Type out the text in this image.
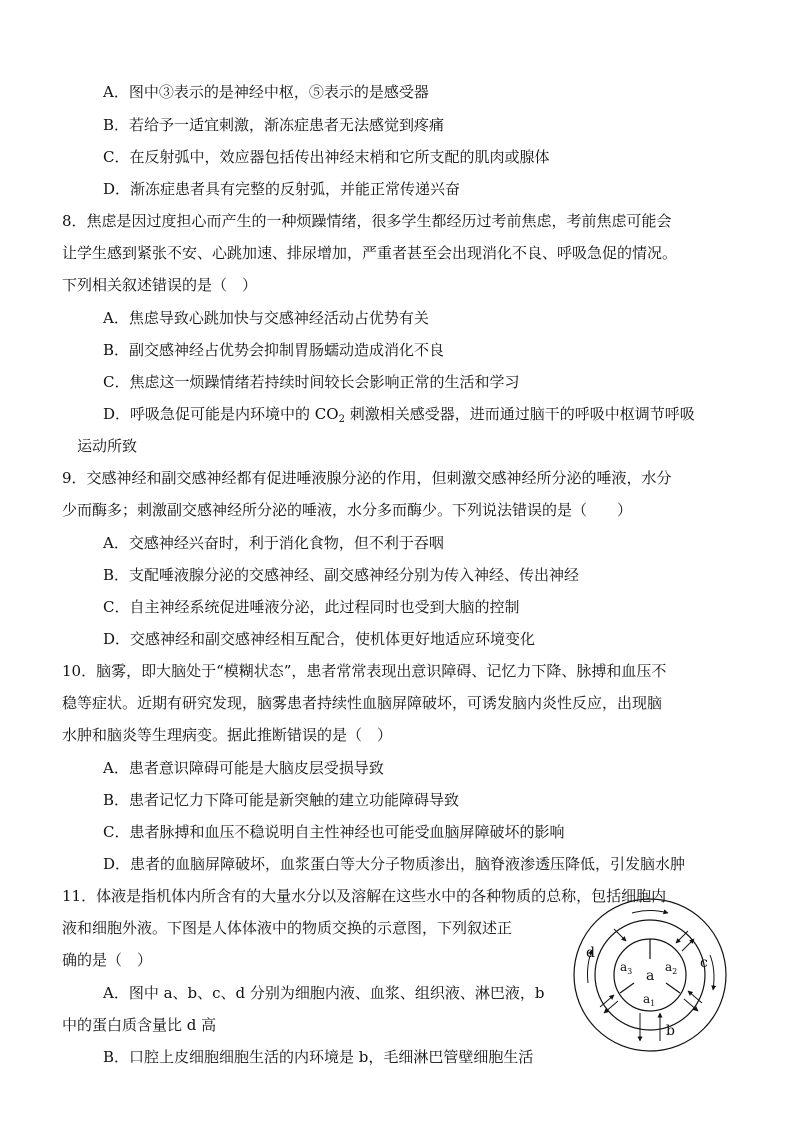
A．图中③表示的是神经中枢，⑤表示的是感受器
B．若给予一适宜刺激，渐冻症患者无法感觉到疼痛
C．在反射弧中，效应器包括传出神经末梢和它所支配的肌肉或腺体
D．渐冻症患者具有完整的反射弧，并能正常传递兴奋
8．焦虑是因过度担心而产生的一种烦躁情绪，很多学生都经历过考前焦虑，考前焦虑可能会
让学生感到紧张不安、心跳加速、排尿增加，严重者甚至会出现消化不良、呼吸急促的情况。
下列相关叙述错误的是（　）
A．焦虑导致心跳加快与交感神经活动占优势有关
B．副交感神经占优势会抑制胃肠蠕动造成消化不良
C．焦虑这一烦躁情绪若持续时间较长会影响正常的生活和学习
D．呼吸急促可能是内环境中的 $CO_2$ 刺激相关感受器，进而通过脑干的呼吸中枢调节呼吸
运动所致
9．交感神经和副交感神经都有促进唾液腺分泌的作用，但刺激交感神经所分泌的唾液，水分
少而酶多；刺激副交感神经所分泌的唾液，水分多而酶少。下列说法错误的是（　　）
A．交感神经兴奋时，利于消化食物，但不利于吞咽
B．支配唾液腺分泌的交感神经、副交感神经分别为传入神经、传出神经
C．自主神经系统促进唾液分泌，此过程同时也受到大脑的控制
D．交感神经和副交感神经相互配合，使机体更好地适应环境变化
10．脑雾，即大脑处于“模糊状态”，患者常常表现出意识障碍、记忆力下降、脉搏和血压不
稳等症状。近期有研究发现，脑雾患者持续性血脑屏障破坏，可诱发脑内炎性反应，出现脑
水肿和脑炎等生理病变。据此推断错误的是（　）
A．患者意识障碍可能是大脑皮层受损导致
B．患者记忆力下降可能是新突触的建立功能障碍导致
C．患者脉搏和血压不稳说明自主性神经也可能受血脑屏障破坏的影响
D．患者的血脑屏障破坏，血浆蛋白等大分子物质渗出，脑脊液渗透压降低，引发脑水肿
11．体液是指机体内所含有的大量水分以及溶解在这些水中的各种物质的总称，包括细胞内
液和细胞外液。下图是人体体液中的物质交换的示意图，下列叙述正
确的是（　）
A．图中 a、b、c、d 分别为细胞内液、血浆、组织液、淋巴液，b
中的蛋白质含量比 d 高
B．口腔上皮细胞细胞生活的内环境是 b，毛细淋巴管壁细胞生活
a
$a_1$
$a_2$
$a_3$
b
c
d
